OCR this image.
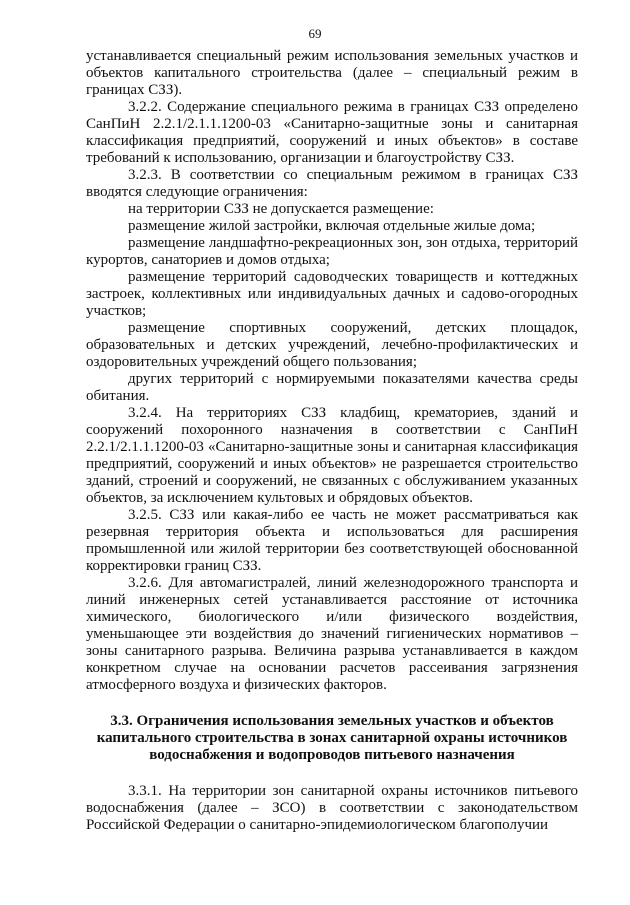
69

устанавливается специальный режим использования земельных участков и объектов капитального строительства (далее – специальный режим в границах СЗЗ).

3.2.2. Содержание специального режима в границах СЗЗ определено СанПиН 2.2.1/2.1.1.1200-03 «Санитарно-защитные зоны и санитарная классификация предприятий, сооружений и иных объектов» в составе требований к использованию, организации и благоустройству СЗЗ.

3.2.3. В соответствии со специальным режимом в границах СЗЗ вводятся следующие ограничения:

на территории СЗЗ не допускается размещение:

размещение жилой застройки, включая отдельные жилые дома;

размещение ландшафтно-рекреационных зон, зон отдыха, территорий курортов, санаториев и домов отдыха;

размещение территорий садоводческих товариществ и коттеджных застроек, коллективных или индивидуальных дачных и садово-огородных участков;

размещение спортивных сооружений, детских площадок, образовательных и детских учреждений, лечебно-профилактических и оздоровительных учреждений общего пользования;

других территорий с нормируемыми показателями качества среды обитания.

3.2.4. На территориях СЗЗ кладбищ, крематориев, зданий и сооружений похоронного назначения в соответствии с СанПиН 2.2.1/2.1.1.1200-03 «Санитарно-защитные зоны и санитарная классификация предприятий, сооружений и иных объектов» не разрешается строительство зданий, строений и сооружений, не связанных с обслуживанием указанных объектов, за исключением культовых и обрядовых объектов.

3.2.5. СЗЗ или какая-либо ее часть не может рассматриваться как резервная территория объекта и использоваться для расширения промышленной или жилой территории без соответствующей обоснованной корректировки границ СЗЗ.

3.2.6. Для автомагистралей, линий железнодорожного транспорта и линий инженерных сетей устанавливается расстояние от источника химического, биологического и/или физического воздействия, уменьшающее эти воздействия до значений гигиенических нормативов – зоны санитарного разрыва. Величина разрыва устанавливается в каждом конкретном случае на основании расчетов рассеивания загрязнения атмосферного воздуха и физических факторов.

3.3. Ограничения использования земельных участков и объектов

капитального строительства в зонах санитарной охраны источников

водоснабжения и водопроводов питьевого назначения

3.3.1. На территории зон санитарной охраны источников питьевого водоснабжения (далее – ЗСО) в соответствии с законодательством Российской Федерации о санитарно-эпидемиологическом благополучии
